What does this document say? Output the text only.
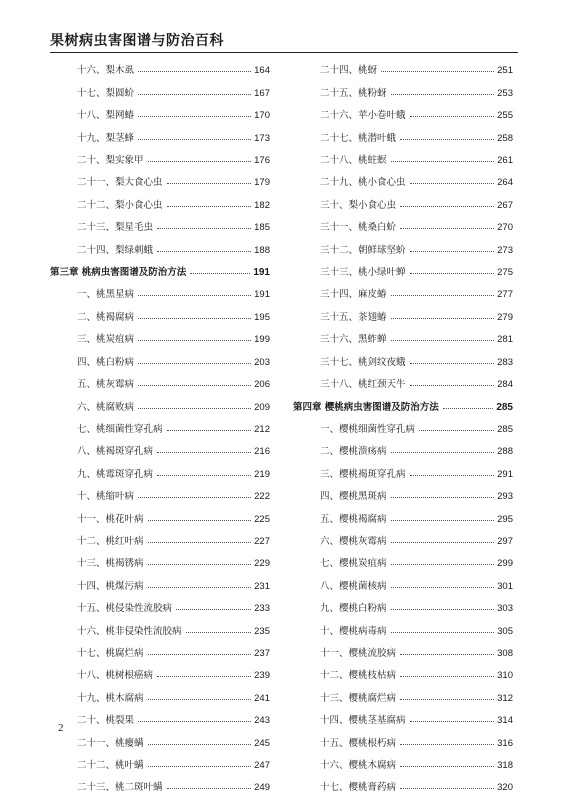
果树病虫害图谱与防治百科
十六、梨木虱	164
十七、梨圆蚧	167
十八、梨网蝽	170
十九、梨茎蜂	173
二十、梨实象甲	176
二十一、梨大食心虫	179
二十二、梨小食心虫	182
二十三、梨星毛虫	185
二十四、梨绿刺蛾	188
第三章 桃病虫害图谱及防治方法	191
一、桃黑星病	191
二、桃褐腐病	195
三、桃炭疽病	199
四、桃白粉病	203
五、桃灰霉病	206
六、桃腐败病	209
七、桃细菌性穿孔病	212
八、桃褐斑穿孔病	216
九、桃霉斑穿孔病	219
十、桃缩叶病	222
十一、桃花叶病	225
十二、桃红叶病	227
十三、桃褐锈病	229
十四、桃煤污病	231
十五、桃侵染性流胶病	233
十六、桃非侵染性流胶病	235
十七、桃腐烂病	237
十八、桃树根癌病	239
十九、桃木腐病	241
二十、桃裂果	243
二十一、桃瘿螨	245
二十二、桃叶螨	247
二十三、桃二斑叶螨	249
二十四、桃蚜	251
二十五、桃粉蚜	253
二十六、苹小卷叶蛾	255
二十七、桃潜叶蛾	258
二十八、桃蛀螟	261
二十九、桃小食心虫	264
三十、梨小食心虫	267
三十一、桃桑白蚧	270
三十二、朝鲜球坚蚧	273
三十三、桃小绿叶蝉	275
三十四、麻皮蝽	277
三十五、茶翅蝽	279
三十六、黑蚱蝉	281
三十七、桃剑纹夜蛾	283
三十八、桃红颈天牛	284
第四章 樱桃病虫害图谱及防治方法	285
一、樱桃细菌性穿孔病	285
二、樱桃溃疡病	288
三、樱桃褐斑穿孔病	291
四、樱桃黑斑病	293
五、樱桃褐腐病	295
六、樱桃灰霉病	297
七、樱桃炭疽病	299
八、樱桃菌核病	301
九、樱桃白粉病	303
十、樱桃病毒病	305
十一、樱桃流胶病	308
十二、樱桃枝枯病	310
十三、樱桃腐烂病	312
十四、樱桃茎基腐病	314
十五、樱桃根朽病	316
十六、樱桃木腐病	318
十七、樱桃膏药病	320
2
